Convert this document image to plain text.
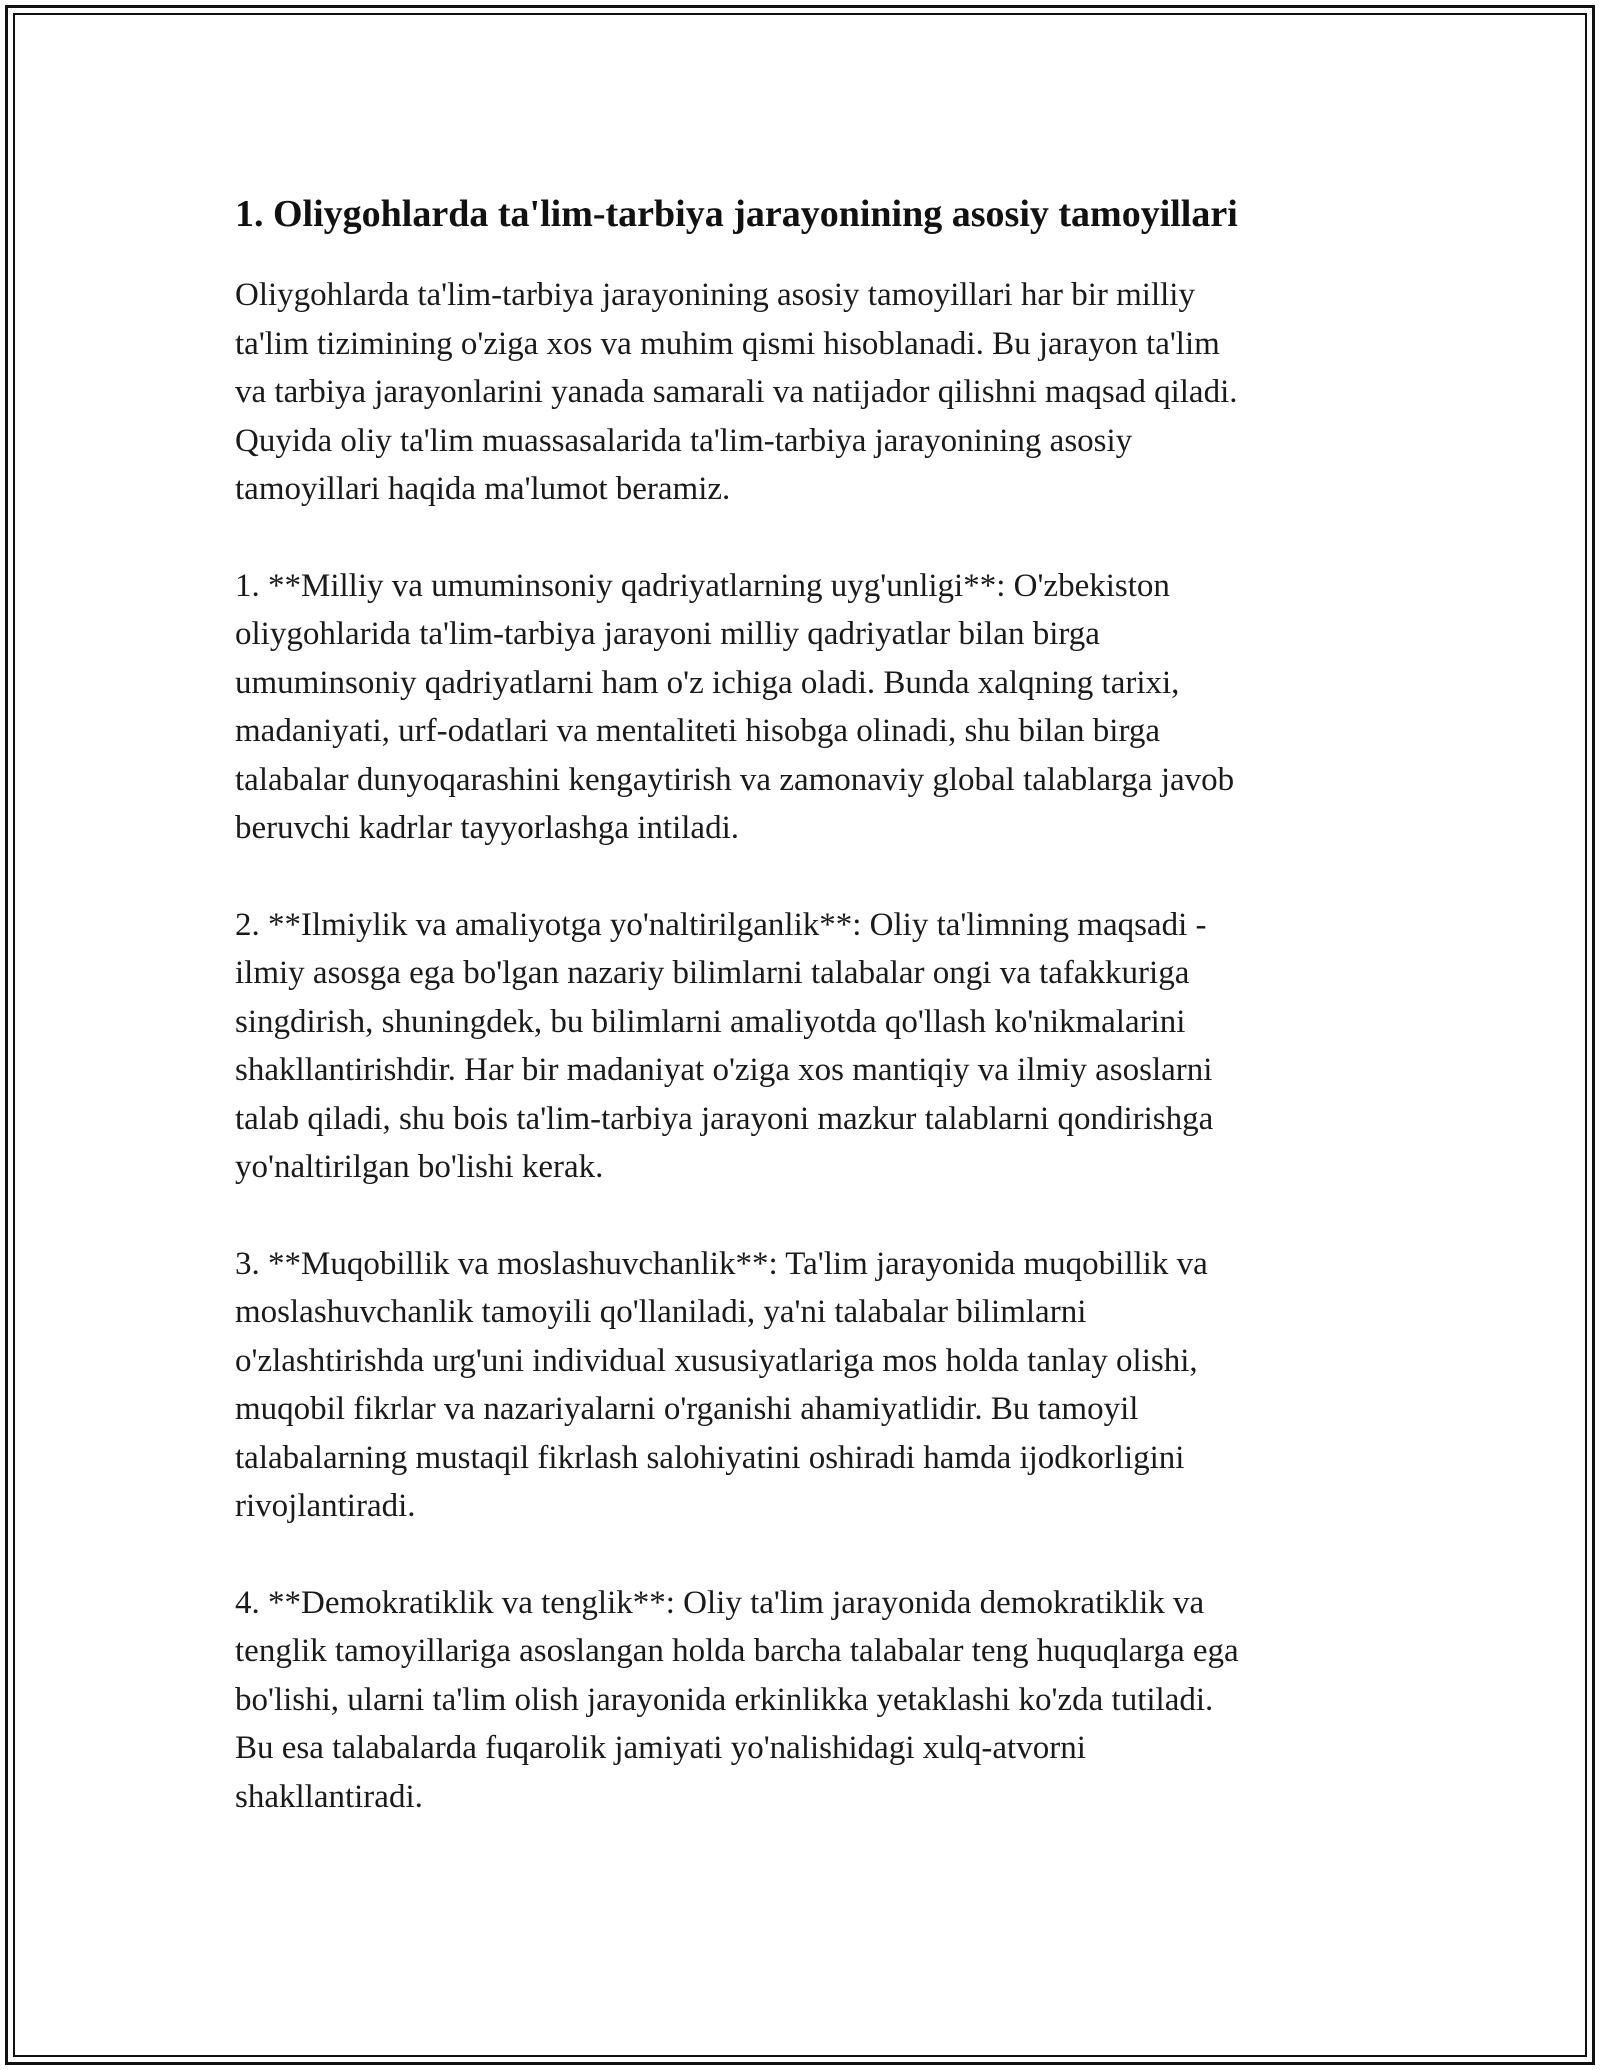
1. Oliygohlarda ta'lim-tarbiya jarayonining asosiy tamoyillari

Oliygohlarda ta'lim-tarbiya jarayonining asosiy tamoyillari har bir milliy
ta'lim tizimining o'ziga xos va muhim qismi hisoblanadi. Bu jarayon ta'lim
va tarbiya jarayonlarini yanada samarali va natijador qilishni maqsad qiladi.
Quyida oliy ta'lim muassasalarida ta'lim-tarbiya jarayonining asosiy
tamoyillari haqida ma'lumot beramiz.

1. **Milliy va umuminsoniy qadriyatlarning uyg'unligi**: O'zbekiston
oliygohlarida ta'lim-tarbiya jarayoni milliy qadriyatlar bilan birga
umuminsoniy qadriyatlarni ham o'z ichiga oladi. Bunda xalqning tarixi,
madaniyati, urf-odatlari va mentaliteti hisobga olinadi, shu bilan birga
talabalar dunyoqarashini kengaytirish va zamonaviy global talablarga javob
beruvchi kadrlar tayyorlashga intiladi.

2. **Ilmiylik va amaliyotga yo'naltirilganlik**: Oliy ta'limning maqsadi -
ilmiy asosga ega bo'lgan nazariy bilimlarni talabalar ongi va tafakkuriga
singdirish, shuningdek, bu bilimlarni amaliyotda qo'llash ko'nikmalarini
shakllantirishdir. Har bir madaniyat o'ziga xos mantiqiy va ilmiy asoslarni
talab qiladi, shu bois ta'lim-tarbiya jarayoni mazkur talablarni qondirishga
yo'naltirilgan bo'lishi kerak.

3. **Muqobillik va moslashuvchanlik**: Ta'lim jarayonida muqobillik va
moslashuvchanlik tamoyili qo'llaniladi, ya'ni talabalar bilimlarni
o'zlashtirishda urg'uni individual xususiyatlariga mos holda tanlay olishi,
muqobil fikrlar va nazariyalarni o'rganishi ahamiyatlidir. Bu tamoyil
talabalarning mustaqil fikrlash salohiyatini oshiradi hamda ijodkorligini
rivojlantiradi.

4. **Demokratiklik va tenglik**: Oliy ta'lim jarayonida demokratiklik va
tenglik tamoyillariga asoslangan holda barcha talabalar teng huquqlarga ega
bo'lishi, ularni ta'lim olish jarayonida erkinlikka yetaklashi ko'zda tutiladi.
Bu esa talabalarda fuqarolik jamiyati yo'nalishidagi xulq-atvorni
shakllantiradi.
